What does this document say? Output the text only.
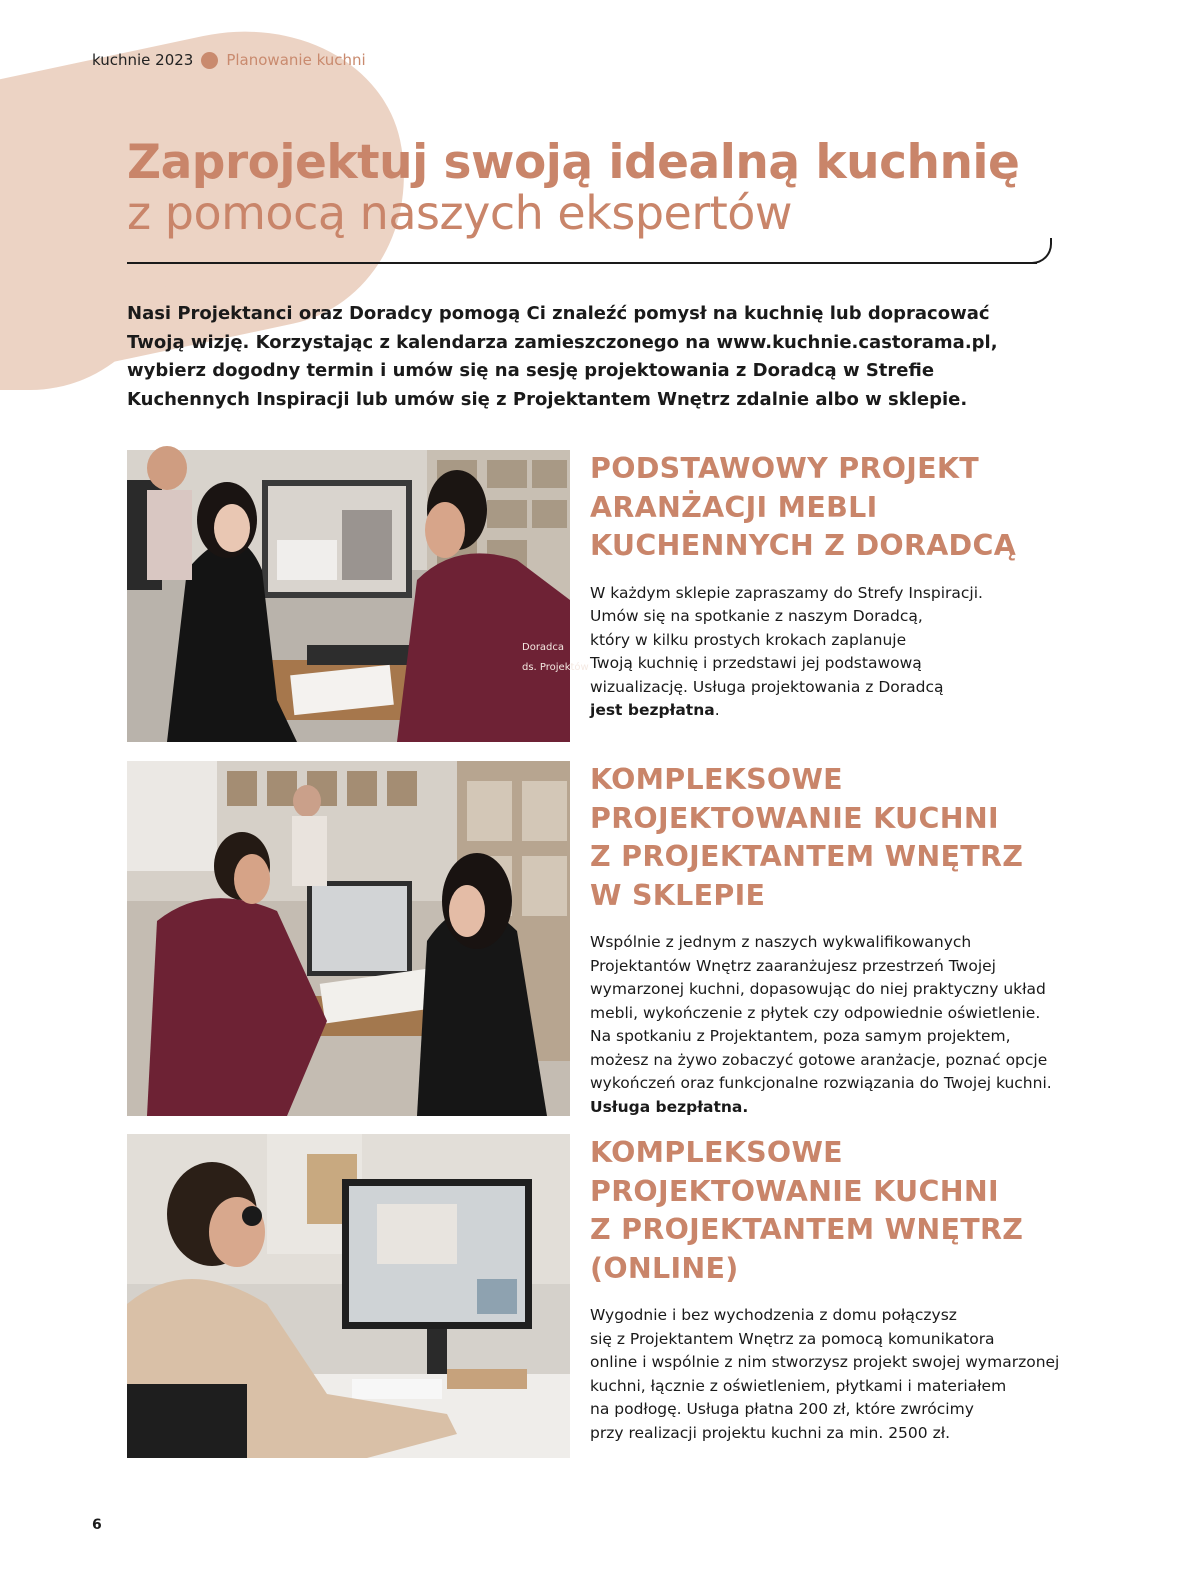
kuchnie 2023 Planowanie kuchni
Zaprojektuj swoją idealną kuchnię
z pomocą naszych ekspertów
Nasi Projektanci oraz Doradcy pomogą Ci znaleźć pomysł na kuchnię lub dopracować
Twoją wizję. Korzystając z kalendarza zamieszczonego na www.kuchnie.castorama.pl,
wybierz dogodny termin i umów się na sesję projektowania z Doradcą w Strefie
Kuchennych Inspiracji lub umów się z Projektantem Wnętrz zdalnie albo w sklepie.
Doradca
ds. Projektów
PODSTAWOWY PROJEKT
ARANŻACJI MEBLI
KUCHENNYCH Z DORADCĄ
W każdym sklepie zapraszamy do Strefy Inspiracji.
Umów się na spotkanie z naszym Doradcą,
który w kilku prostych krokach zaplanuje
Twoją kuchnię i przedstawi jej podstawową
wizualizację. Usługa projektowania z Doradcą
jest bezpłatna.
KOMPLEKSOWE
PROJEKTOWANIE KUCHNI
Z PROJEKTANTEM WNĘTRZ
W SKLEPIE
Wspólnie z jednym z naszych wykwalifikowanych
Projektantów Wnętrz zaaranżujesz przestrzeń Twojej
wymarzonej kuchni, dopasowując do niej praktyczny układ
mebli, wykończenie z płytek czy odpowiednie oświetlenie.
Na spotkaniu z Projektantem, poza samym projektem,
możesz na żywo zobaczyć gotowe aranżacje, poznać opcje
wykończeń oraz funkcjonalne rozwiązania do Twojej kuchni.
Usługa bezpłatna.
KOMPLEKSOWE
PROJEKTOWANIE KUCHNI
Z PROJEKTANTEM WNĘTRZ
(ONLINE)
Wygodnie i bez wychodzenia z domu połączysz
się z Projektantem Wnętrz za pomocą komunikatora
online i wspólnie z nim stworzysz projekt swojej wymarzonej
kuchni, łącznie z oświetleniem, płytkami i materiałem
na podłogę. Usługa płatna 200 zł, które zwrócimy
przy realizacji projektu kuchni za min. 2500 zł.
6
